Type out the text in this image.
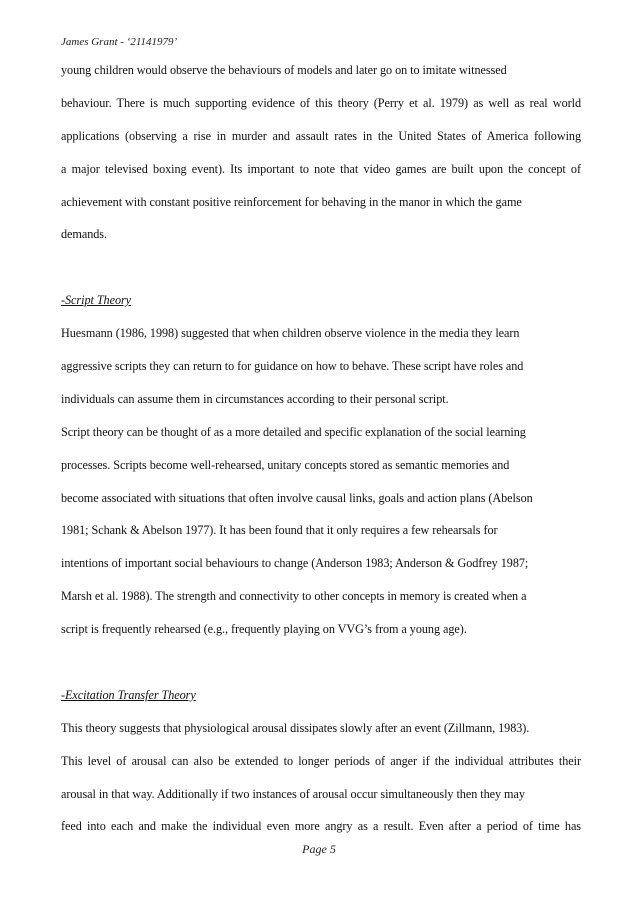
James Grant - ‘21141979’
young children would observe the behaviours of models and later go on to imitate witnessed
behaviour. There is much supporting evidence of this theory (Perry et al. 1979) as well as real world
applications (observing a rise in murder and assault rates in the United States of America following
a major televised boxing event). Its important to note that video games are built upon the concept of
achievement with constant positive reinforcement for behaving in the manor in which the game
demands.
-Script Theory
Huesmann (1986, 1998) suggested that when children observe violence in the media they learn
aggressive scripts they can return to for guidance on how to behave. These script have roles and
individuals can assume them in circumstances according to their personal script.
Script theory can be thought of as a more detailed and specific explanation of the social learning
processes. Scripts become well-rehearsed, unitary concepts stored as semantic memories and
become associated with situations that often involve causal links, goals and action plans (Abelson
1981; Schank & Abelson 1977). It has been found that it only requires a few rehearsals for
intentions of important social behaviours to change (Anderson 1983; Anderson & Godfrey 1987;
Marsh et al. 1988). The strength and connectivity to other concepts in memory is created when a
script is frequently rehearsed (e.g., frequently playing on VVG’s from a young age).
-Excitation Transfer Theory
This theory suggests that physiological arousal dissipates slowly after an event (Zillmann, 1983).
This level of arousal can also be extended to longer periods of anger if the individual attributes their
arousal in that way. Additionally if two instances of arousal occur simultaneously then they may
feed into each and make the individual even more angry as a result. Even after a period of time has
Page 5
